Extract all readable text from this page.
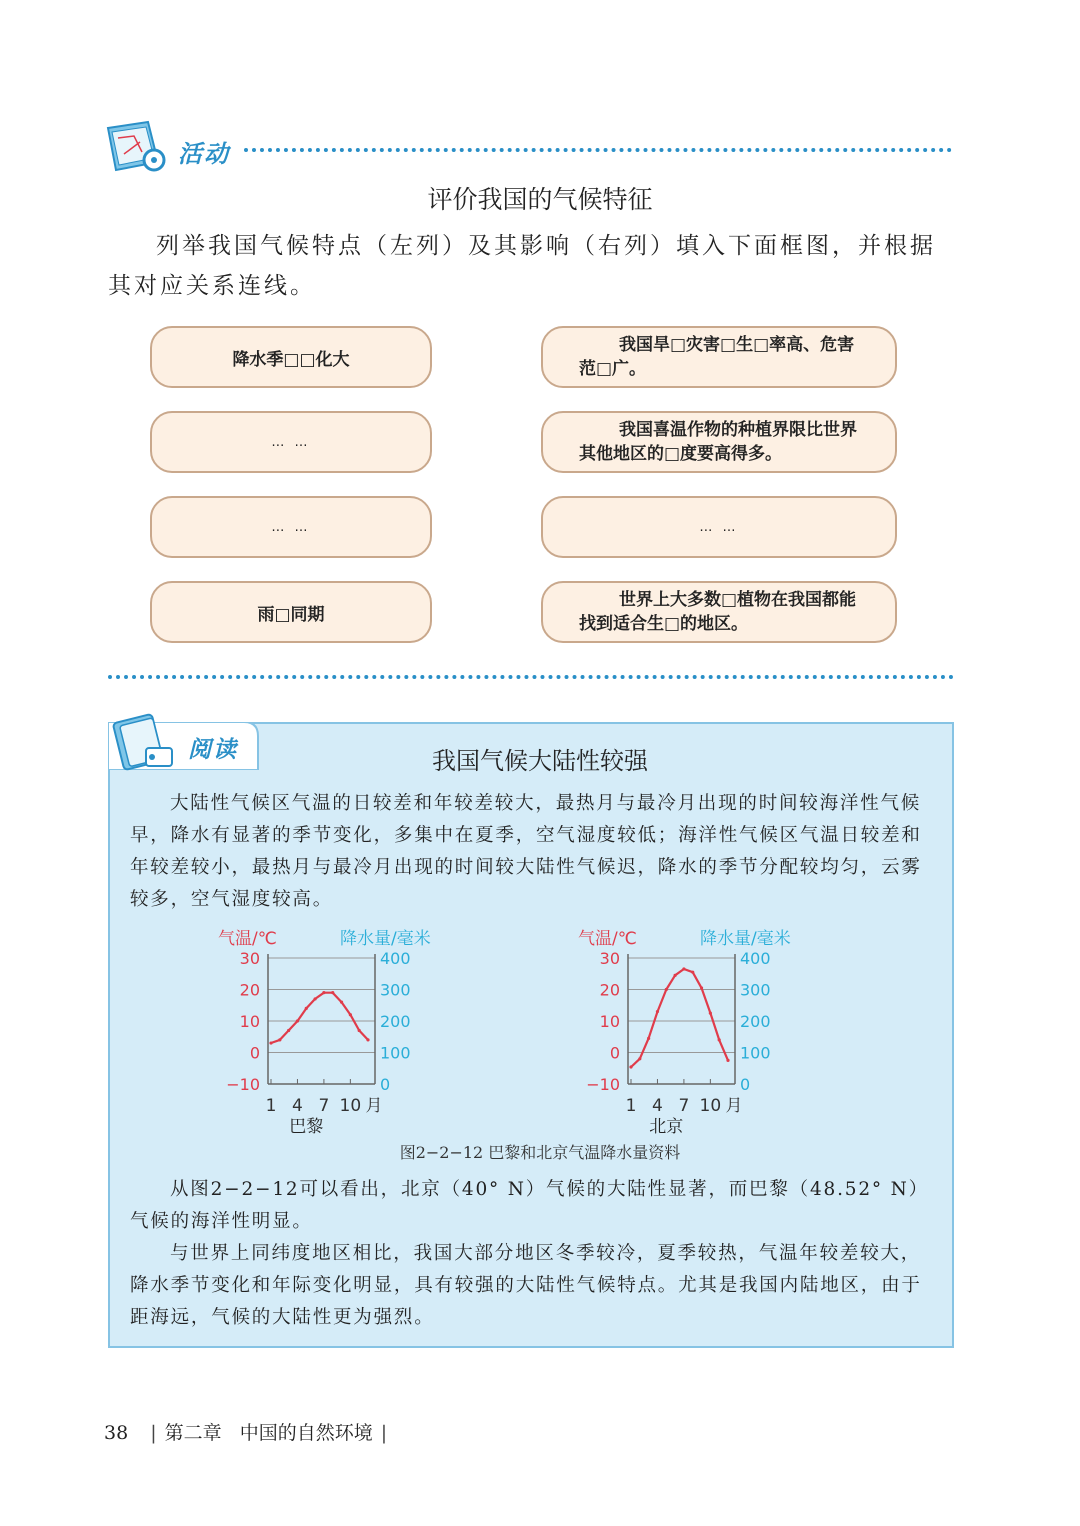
活动
评价我国的气候特征
列举我国气候特点（左列）及其影响（右列）填入下面框图，并根据其对应关系连线。
降水季□□化大
… …
… …
雨□同期
我国旱□灾害□生□率高、危害范□广。
我国喜温作物的种植界限比世界其他地区的□度要高得多。
… …
世界上大多数□植物在我国都能找到适合生□的地区。
阅读	我国气候大陆性较强
大陆性气候区气温的日较差和年较差较大，最热月与最冷月出现的时间较海洋性气候早，降水有显著的季节变化，多集中在夏季，空气湿度较低；海洋性气候区气温日较差和年较差较小，最热月与最冷月出现的时间较大陆性气候迟，降水的季节分配较均匀，云雾较多，空气湿度较高。
气温/℃	降水量/毫米
30	400
20	300
10	200
0	100
−10	0
1 4 7 10 月
巴黎
气温/℃	降水量/毫米
30	400
20	300
10	200
0	100
−10	0
1 4 7 10 月
北京
图2−2−12 巴黎和北京气温降水量资料
从图2−2−12可以看出，北京（40° N）气候的大陆性显著，而巴黎（48.52° N）气候的海洋性明显。
与世界上同纬度地区相比，我国大部分地区冬季较冷，夏季较热，气温年较差较大，降水季节变化和年际变化明显，具有较强的大陆性气候特点。尤其是我国内陆地区，由于距海远，气候的大陆性更为强烈。
38 | 第二章 中国的自然环境 |
